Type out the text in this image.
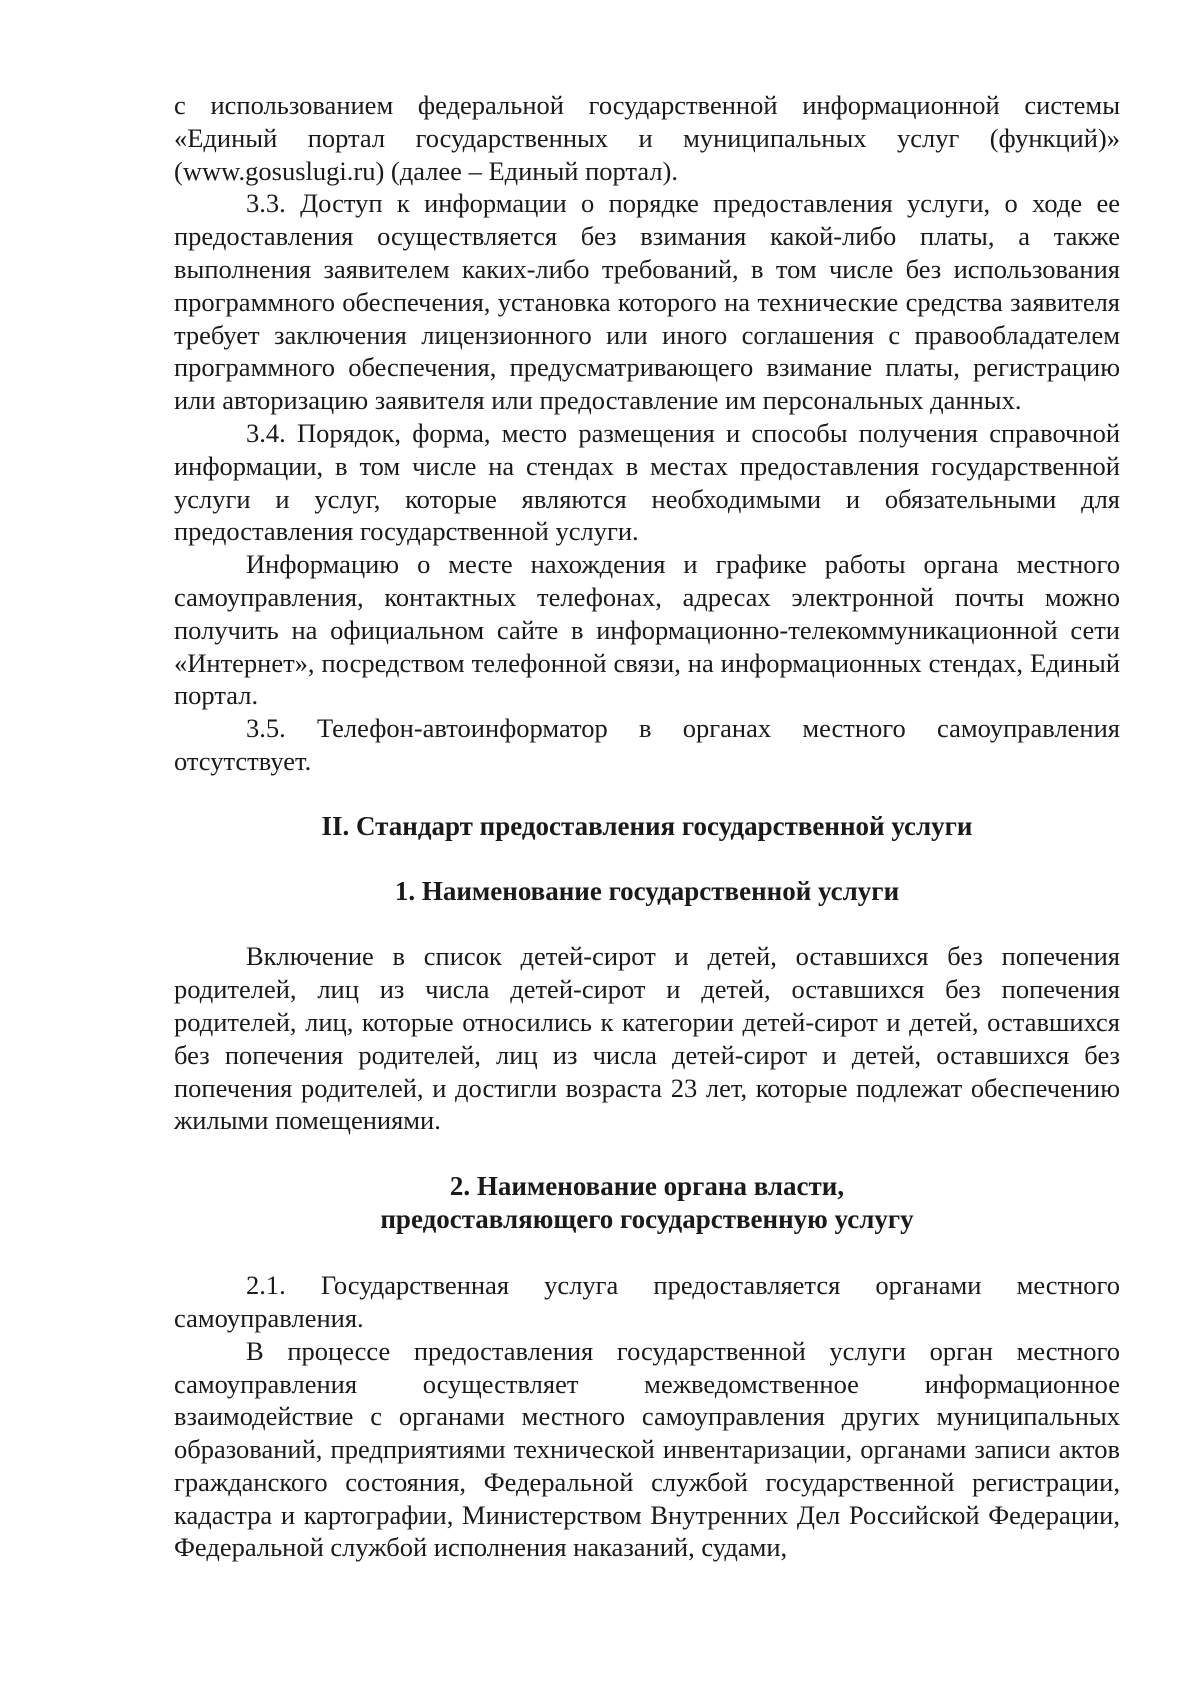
с использованием федеральной государственной информационной системы «Единый портал государственных и муниципальных услуг (функций)» (www.gosuslugi.ru) (далее – Единый портал).

3.3. Доступ к информации о порядке предоставления услуги, о ходе ее предоставления осуществляется без взимания какой-либо платы, а также выполнения заявителем каких-либо требований, в том числе без использования программного обеспечения, установка которого на технические средства заявителя требует заключения лицензионного или иного соглашения с правообладателем программного обеспечения, предусматривающего взимание платы, регистрацию или авторизацию заявителя или предоставление им персональных данных.

3.4. Порядок, форма, место размещения и способы получения справочной информации, в том числе на стендах в местах предоставления государственной услуги и услуг, которые являются необходимыми и обязательными для предоставления государственной услуги.

Информацию о месте нахождения и графике работы органа местного самоуправления, контактных телефонах, адресах электронной почты можно получить на официальном сайте в информационно-телекоммуникационной сети «Интернет», посредством телефонной связи, на информационных стендах, Единый портал.

3.5. Телефон-автоинформатор в органах местного самоуправления отсутствует.

II. Стандарт предоставления государственной услуги
1. Наименование государственной услуги

Включение в список детей-сирот и детей, оставшихся без попечения родителей, лиц из числа детей-сирот и детей, оставшихся без попечения родителей, лиц, которые относились к категории детей-сирот и детей, оставшихся без попечения родителей, лиц из числа детей-сирот и детей, оставшихся без попечения родителей, и достигли возраста 23 лет, которые подлежат обеспечению жилыми помещениями.

2. Наименование органа власти,
предоставляющего государственную услугу

2.1. Государственная услуга предоставляется органами местного самоуправления.

В процессе предоставления государственной услуги орган местного самоуправления осуществляет межведомственное информационное взаимодействие с органами местного самоуправления других муниципальных образований, предприятиями технической инвентаризации, органами записи актов гражданского состояния, Федеральной службой государственной регистрации, кадастра и картографии, Министерством Внутренних Дел Российской Федерации, Федеральной службой исполнения наказаний, судами,
